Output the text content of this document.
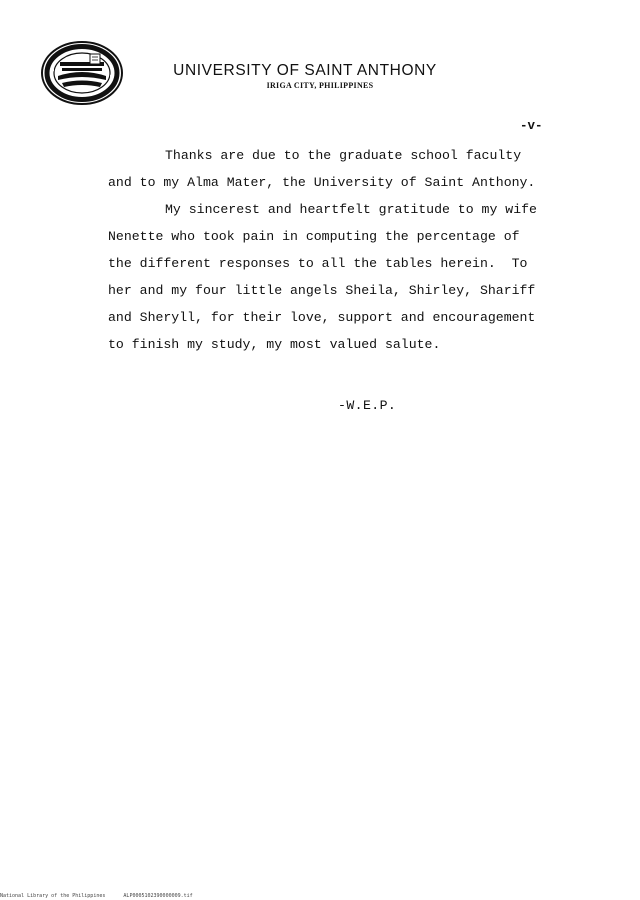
UNIVERSITY OF SAINT ANTHONY
IRIGA CITY, PHILIPPINES
-v-
Thanks are due to the graduate school faculty
and to my Alma Mater, the University of Saint Anthony.
My sincerest and heartfelt gratitude to my wife
Nenette who took pain in computing the percentage of
the different responses to all the tables herein.  To
her and my four little angels Sheila, Shirley, Shariff
and Sheryll, for their love, support and encouragement
to finish my study, my most valued salute.
-W.E.P.
National Library of the Philippines      ALP0005102390000009.tif
